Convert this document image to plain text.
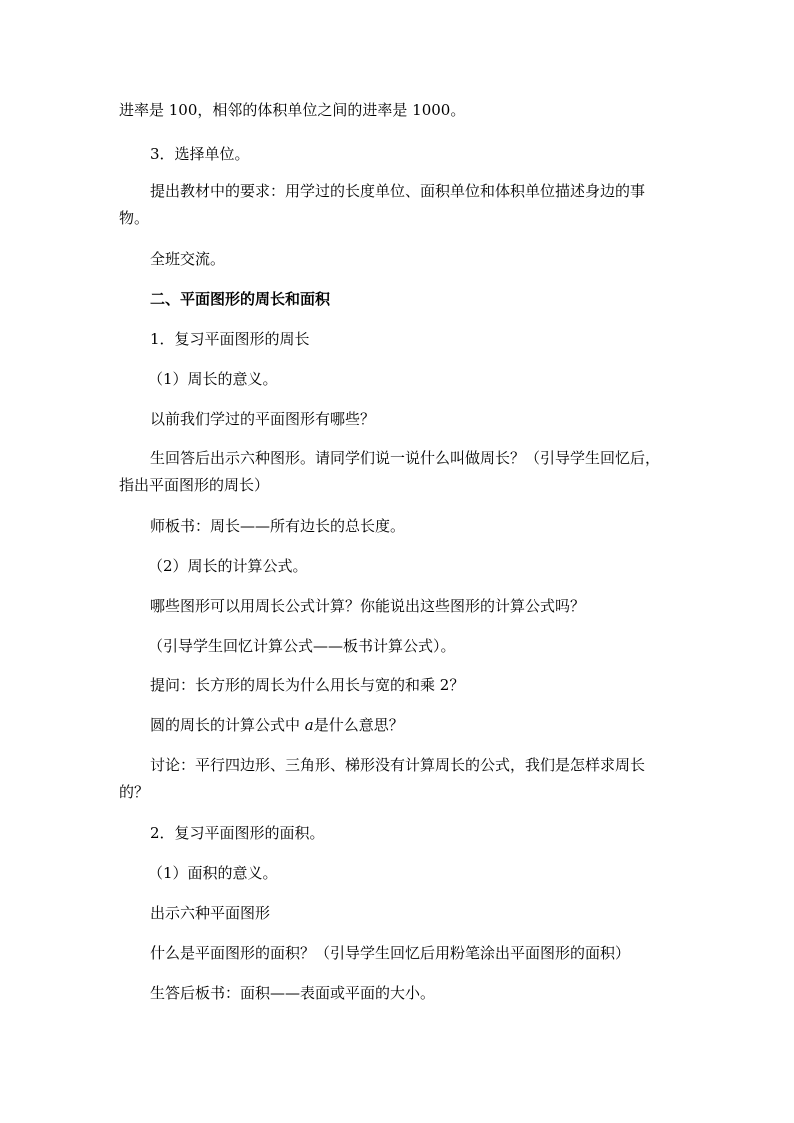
进率是 100，相邻的体积单位之间的进率是 1000。
3．选择单位。
提出教材中的要求：用学过的长度单位、面积单位和体积单位描述身边的事
物。
全班交流。
二、平面图形的周长和面积
1．复习平面图形的周长
（1）周长的意义。
以前我们学过的平面图形有哪些？
生回答后出示六种图形。请同学们说一说什么叫做周长？（引导学生回忆后，
指出平面图形的周长）
师板书：周长——所有边长的总长度。
（2）周长的计算公式。
哪些图形可以用周长公式计算？你能说出这些图形的计算公式吗？
（引导学生回忆计算公式——板书计算公式）。
提问：长方形的周长为什么用长与宽的和乘 2？
圆的周长的计算公式中 a是什么意思？
讨论：平行四边形、三角形、梯形没有计算周长的公式，我们是怎样求周长
的？
2．复习平面图形的面积。
（1）面积的意义。
出示六种平面图形
什么是平面图形的面积？（引导学生回忆后用粉笔涂出平面图形的面积）
生答后板书：面积——表面或平面的大小。
